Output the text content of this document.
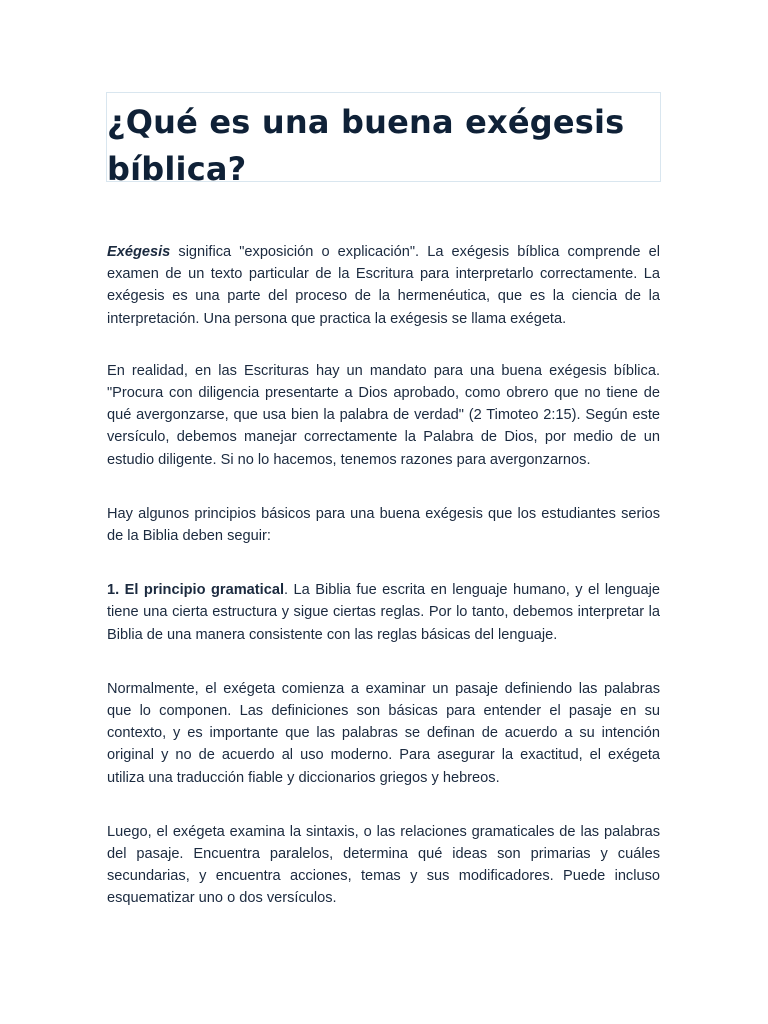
¿Qué es una buena exégesis bíblica?

Exégesis significa "exposición o explicación". La exégesis bíblica comprende el examen de un texto particular de la Escritura para interpretarlo correctamente. La exégesis es una parte del proceso de la hermenéutica, que es la ciencia de la interpretación. Una persona que practica la exégesis se llama exégeta.

En realidad, en las Escrituras hay un mandato para una buena exégesis bíblica. "Procura con diligencia presentarte a Dios aprobado, como obrero que no tiene de qué avergonzarse, que usa bien la palabra de verdad" (2 Timoteo 2:15). Según este versículo, debemos manejar correctamente la Palabra de Dios, por medio de un estudio diligente. Si no lo hacemos, tenemos razones para avergonzarnos.

Hay algunos principios básicos para una buena exégesis que los estudiantes serios de la Biblia deben seguir:

1. El principio gramatical. La Biblia fue escrita en lenguaje humano, y el lenguaje tiene una cierta estructura y sigue ciertas reglas. Por lo tanto, debemos interpretar la Biblia de una manera consistente con las reglas básicas del lenguaje.

Normalmente, el exégeta comienza a examinar un pasaje definiendo las palabras que lo componen. Las definiciones son básicas para entender el pasaje en su contexto, y es importante que las palabras se definan de acuerdo a su intención original y no de acuerdo al uso moderno. Para asegurar la exactitud, el exégeta utiliza una traducción fiable y diccionarios griegos y hebreos.

Luego, el exégeta examina la sintaxis, o las relaciones gramaticales de las palabras del pasaje. Encuentra paralelos, determina qué ideas son primarias y cuáles secundarias, y encuentra acciones, temas y sus modificadores. Puede incluso esquematizar uno o dos versículos.
